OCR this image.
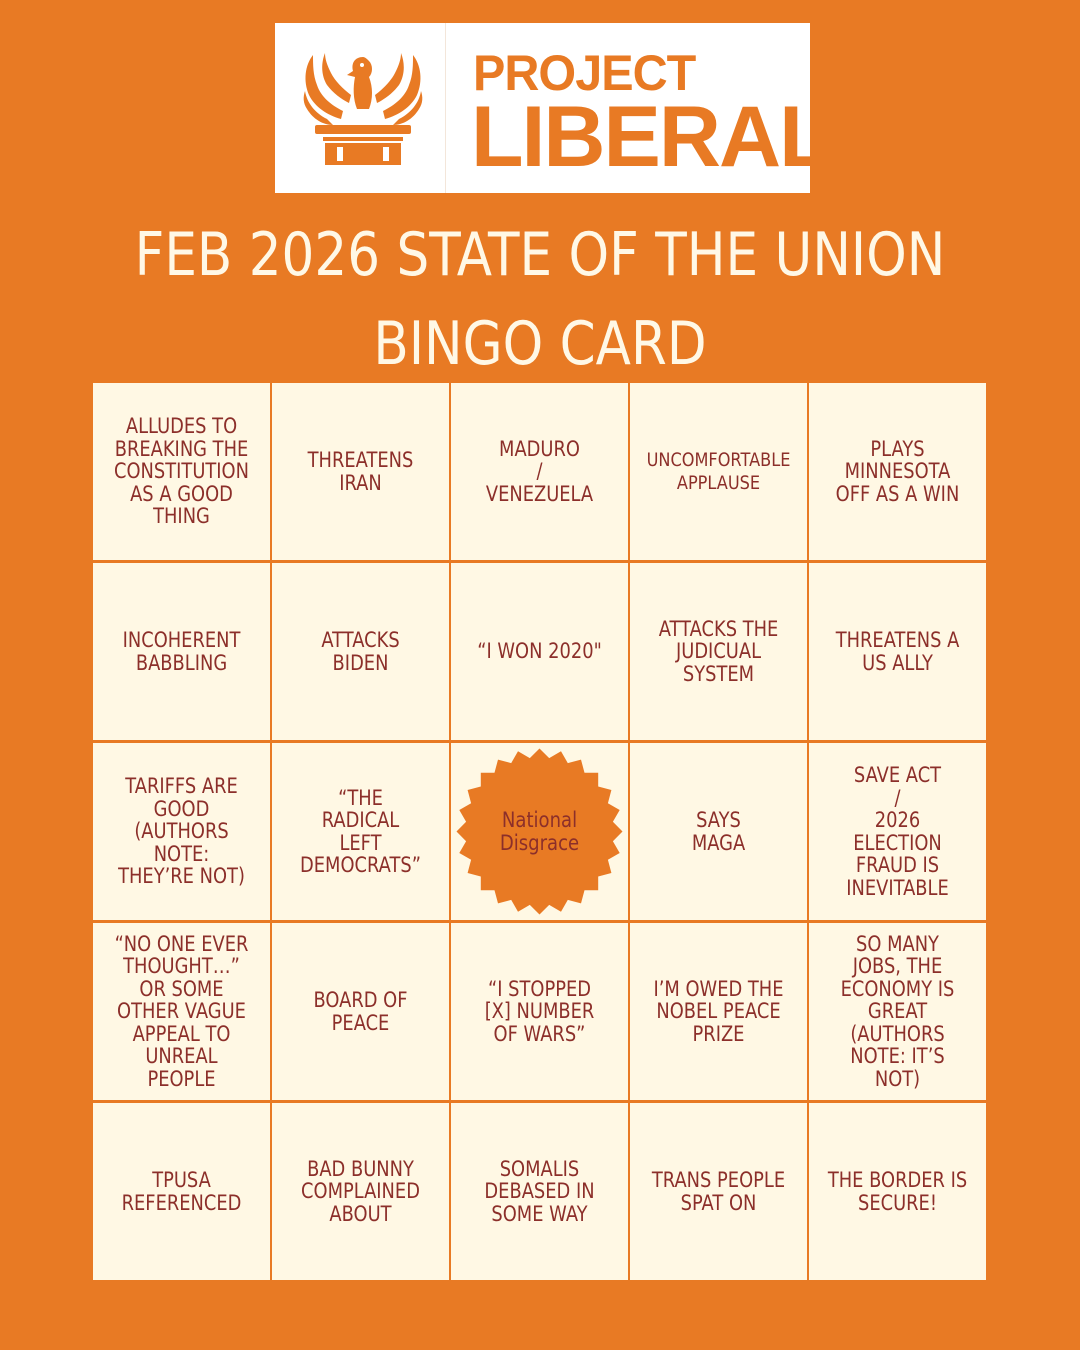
PROJECT
LIBERAL
FEB 2026 STATE OF THE UNION
BINGO CARD
ALLUDES TO
BREAKING THE
CONSTITUTION
AS A GOOD
THING
THREATENS
IRAN
MADURO
/
VENEZUELA
UNCOMFORTABLE
APPLAUSE
PLAYS
MINNESOTA
OFF AS A WIN
INCOHERENT
BABBLING
ATTACKS
BIDEN	“I WON 2020"
ATTACKS THE
JUDICUAL
SYSTEM
THREATENS A
US ALLY
TARIFFS ARE
GOOD
(AUTHORS
NOTE:
THEY’RE NOT)
“THE
RADICAL
LEFT
DEMOCRATS”
National
Disgrace
SAYS
MAGA
SAVE ACT
/
2026
ELECTION
FRAUD IS
INEVITABLE
“NO ONE EVER
THOUGHT…”
OR SOME
OTHER VAGUE
APPEAL TO
UNREAL
PEOPLE
BOARD OF
PEACE
“I STOPPED
[X] NUMBER
OF WARS”
I’M OWED THE
NOBEL PEACE
PRIZE
SO MANY
JOBS, THE
ECONOMY IS
GREAT
(AUTHORS
NOTE: IT’S
NOT)
TPUSA
REFERENCED
BAD BUNNY
COMPLAINED
ABOUT
SOMALIS
DEBASED IN
SOME WAY
TRANS PEOPLE
SPAT ON
THE BORDER IS
SECURE!
